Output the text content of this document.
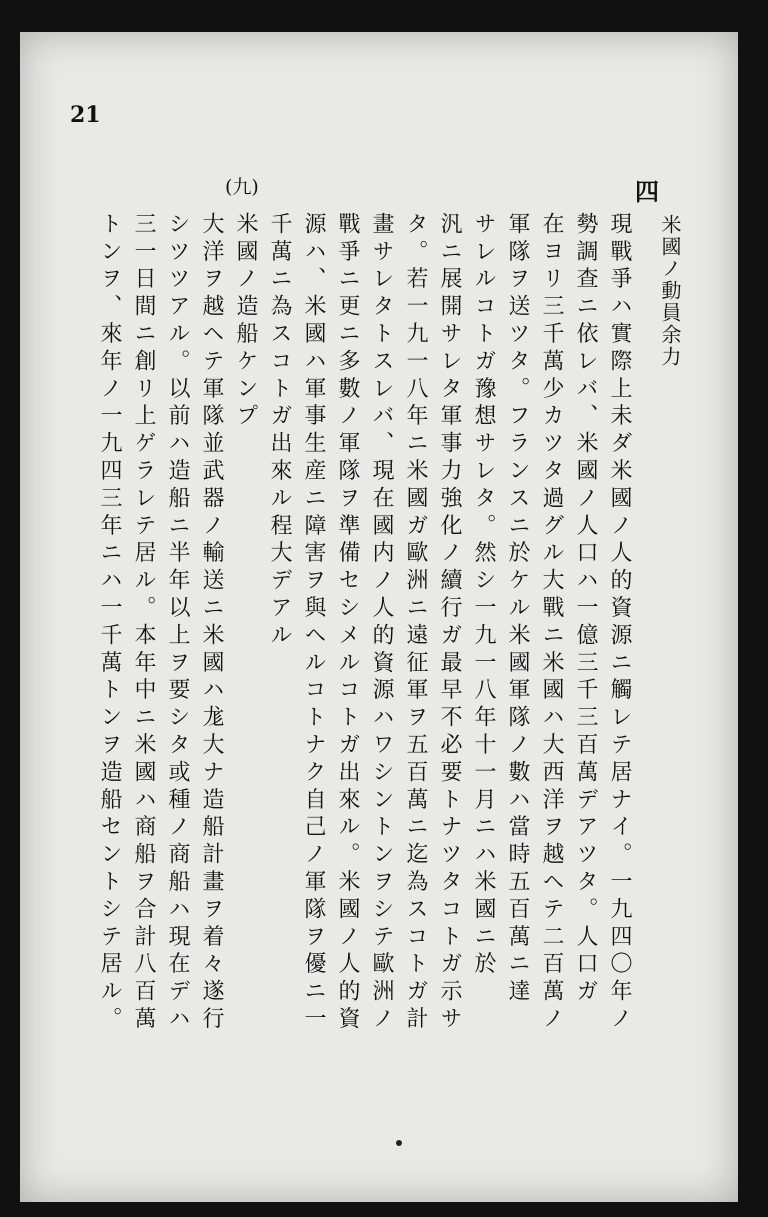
21
(九)	四
米國ノ動員余力
現戰爭ハ實際上未ダ米國ノ人的資源ニ觸レテ居ナイ。一九四〇年ノ
勢調查ニ依レバ、米國ノ人口ハ一億三千三百萬デアツタ。人口ガ
在ヨリ三千萬少カツタ過グル大戰ニ米國ハ大西洋ヲ越ヘテ二百萬ノ
軍隊ヲ送ツタ。フランスニ於ケル米國軍隊ノ數ハ當時五百萬ニ達
サレルコトガ豫想サレタ。然シ一九一八年十一月ニハ米國ニ於
汎ニ展開サレタ軍事力強化ノ續行ガ最早不必要トナツタコトガ示サ
タ。若一九一八年ニ米國ガ歐洲ニ遠征軍ヲ五百萬ニ迄為スコトガ計
畫サレタトスレバ、現在國内ノ人的資源ハワシントンヲシテ歐洲ノ
戰爭ニ更ニ多數ノ軍隊ヲ準備セシメルコトガ出來ル。米國ノ人的資
源ハ、米國ハ軍事生産ニ障害ヲ與ヘルコトナク自己ノ軍隊ヲ優ニ一
千萬ニ為スコトガ出來ル程大デアル
米國ノ造船ケンプ
大洋ヲ越ヘテ軍隊並武器ノ輸送ニ米國ハ尨大ナ造船計畫ヲ着々遂行
シツツアル。以前ハ造船ニ半年以上ヲ要シタ或種ノ商船ハ現在デハ
三一日間ニ創リ上ゲラレテ居ル。本年中ニ米國ハ商船ヲ合計八百萬
トンヲ、來年ノ一九四三年ニハ一千萬トンヲ造船セントシテ居ル。
